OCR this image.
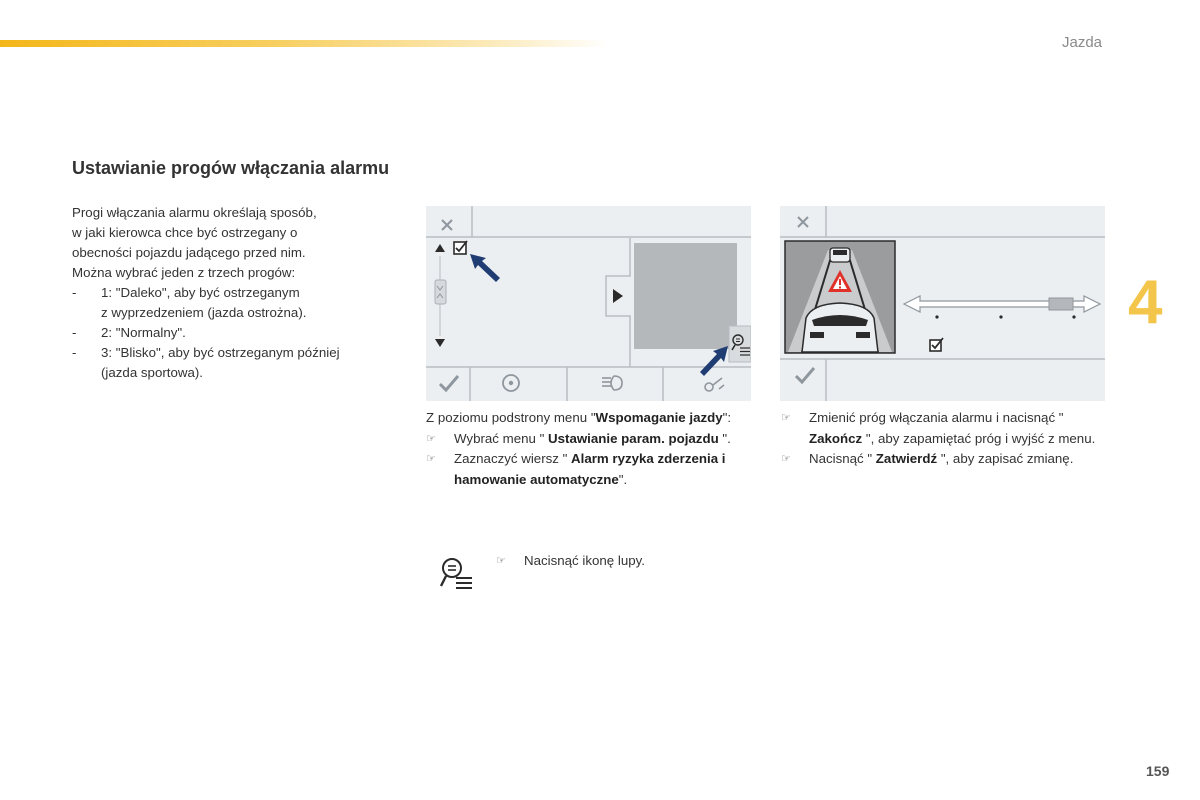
Jazda
4
159
Ustawianie progów włączania alarmu

Progi włączania alarmu określają sposób,

w jaki kierowca chce być ostrzegany o

obecności pojazdu jadącego przed nim.

Można wybrać jeden z trzech progów:

- 1: "Daleko", aby być ostrzeganym
z wyprzedzeniem (jazda ostrożna).
- 2: "Normalny".
- 3: "Blisko", aby być ostrzeganym później
(jazda sportowa).

Z poziomu podstrony menu "Wspomaganie jazdy":

☞ Wybrać menu " Ustawianie param. pojazdu ".
☞ Zaznaczyć wiersz " Alarm ryzyka zderzenia i hamowanie automatyczne".
☞ Nacisnąć ikonę lupy.
☞ Zmienić próg włączania alarmu i nacisnąć " Zakończ ", aby zapamiętać próg i wyjść z menu.
☞ Nacisnąć " Zatwierdź ", aby zapisać zmianę.
